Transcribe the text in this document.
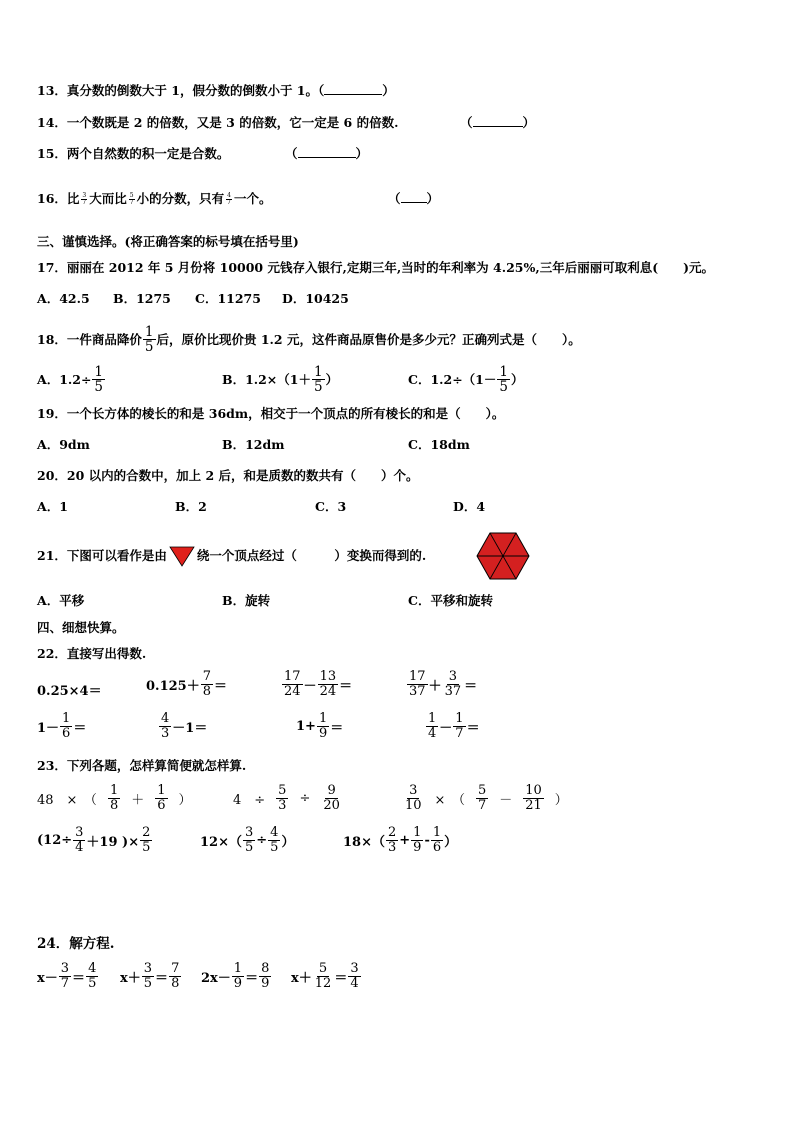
13．真分数的倒数大于 1，假分数的倒数小于 1。（	）
14．一个数既是 2 的倍数，又是 3 的倍数，它一定是 6 的倍数.	（	）
15．两个自然数的积一定是合数。	（	）
16．比 $\frac{3}{7}$ 大而比 $\frac{5}{7}$ 小的分数，只有 $\frac{4}{7}$ 一个。	（ ）
三、谨慎选择。(将正确答案的标号填在括号里)
17．丽丽在 2012 年 5 月份将 10000 元钱存入银行,定期三年,当时的年利率为 4.25%,三年后丽丽可取利息(　　)元。
A．42.5 B．1275 C．11275 D．10425
18．一件商品降价 $\frac{1}{5}$ 后，原价比现价贵 1.2 元，这件商品原售价是多少元？正确列式是（　　）。
A．$1.2\div \frac{1}{5}$	B．$1.2\times(1+ \frac{1}{5}$ ）	C．$1.2\div(1- \frac{1}{5}$ ）
19．一个长方体的棱长的和是 36dm，相交于一个顶点的所有棱长的和是（　　）。
A．9dm	B．12dm	C．18dm
20．20 以内的合数中，加上 2 后，和是质数的数共有（　　）个。
A．1	B．2	C．3	D．4
21．下图可以看作是由 绕一个顶点经过（　　　）变换而得到的.
A．平移	B．旋转	C．平移和旋转
四、细想快算。
22．直接写出得数.
0.25×4＝	$0.125+ \frac{7}{8}$ ＝	$\frac{17}{24} - \frac{13}{24}$ ＝	$\frac{17}{37} + \frac{3}{37}$ ＝
$1- \frac{1}{6}$ ＝	$\frac{4}{3} -1=$	$1+ \frac{1}{9}$ ＝	$\frac{1}{4} - \frac{1}{7}$ ＝
23．下列各题，怎样算简便就怎样算.
48　×　（ $\frac{1}{8} + \frac{1}{6}$ ）	4　÷ $\frac{5}{3} \div \frac{9}{20}$	$\frac{3}{10}$ ×　（ $\frac{5}{7} - \frac{10}{21}$ ）
($12\div \frac{3}{4} +19$ )× $\frac{2}{5}$	$12\times( \frac{3}{5} \div \frac{4}{5}$ ）	$18\times( \frac{2}{3} + \frac{1}{9} - \frac{1}{6}$ ）
24．解方程.
$x- \frac{3}{7} = \frac{4}{5} x+ \frac{3}{5} = \frac{7}{8} 2x- \frac{1}{9} = \frac{8}{9} x+ \frac{5}{12} = \frac{3}{4}$
